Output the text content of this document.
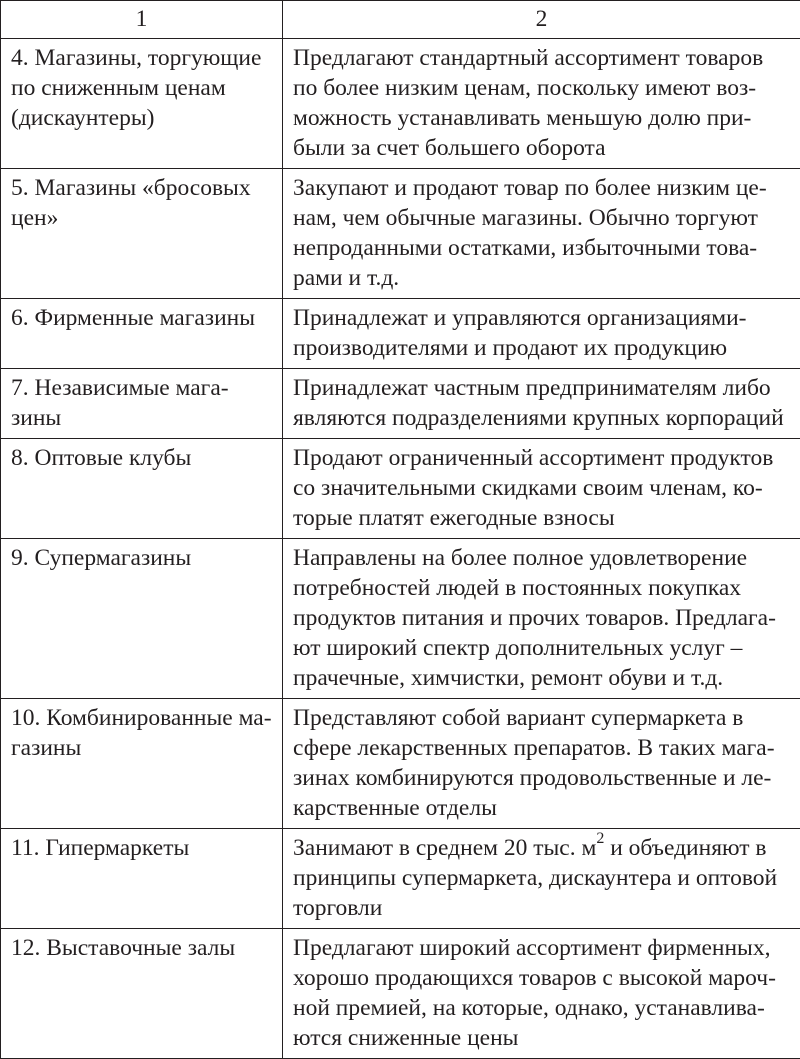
1	2
4. Магазины, торгующие
по сниженным ценам
(дискаунтеры)	Предлагают стандартный ассортимент товаров
по более низким ценам, поскольку имеют воз-
можность устанавливать меньшую долю при-
были за счет большего оборота
5. Магазины «бросовых
цен»	Закупают и продают товар по более низким це-
нам, чем обычные магазины. Обычно торгуют
непроданными остатками, избыточными това-
рами и т.д.
6. Фирменные магазины	Принадлежат и управляются организациями-
производителями и продают их продукцию
7. Независимые мага-
зины	Принадлежат частным предпринимателям либо
являются подразделениями крупных корпораций
8. Оптовые клубы	Продают ограниченный ассортимент продуктов
со значительными скидками своим членам, ко-
торые платят ежегодные взносы
9. Супермагазины	Направлены на более полное удовлетворение
потребностей людей в постоянных покупках
продуктов питания и прочих товаров. Предлага-
ют широкий спектр дополнительных услуг –
прачечные, химчистки, ремонт обуви и т.д.
10. Комбинированные ма-
газины	Представляют собой вариант супермаркета в
сфере лекарственных препаратов. В таких мага-
зинах комбинируются продовольственные и ле-
карственные отделы
11. Гипермаркеты	Занимают в среднем 20 тыс. $м^2$ и объединяют в
принципы супермаркета, дискаунтера и оптовой
торговли
12. Выставочные залы	Предлагают широкий ассортимент фирменных,
хорошо продающихся товаров с высокой мароч-
ной премией, на которые, однако, устанавлива-
ются сниженные цены
